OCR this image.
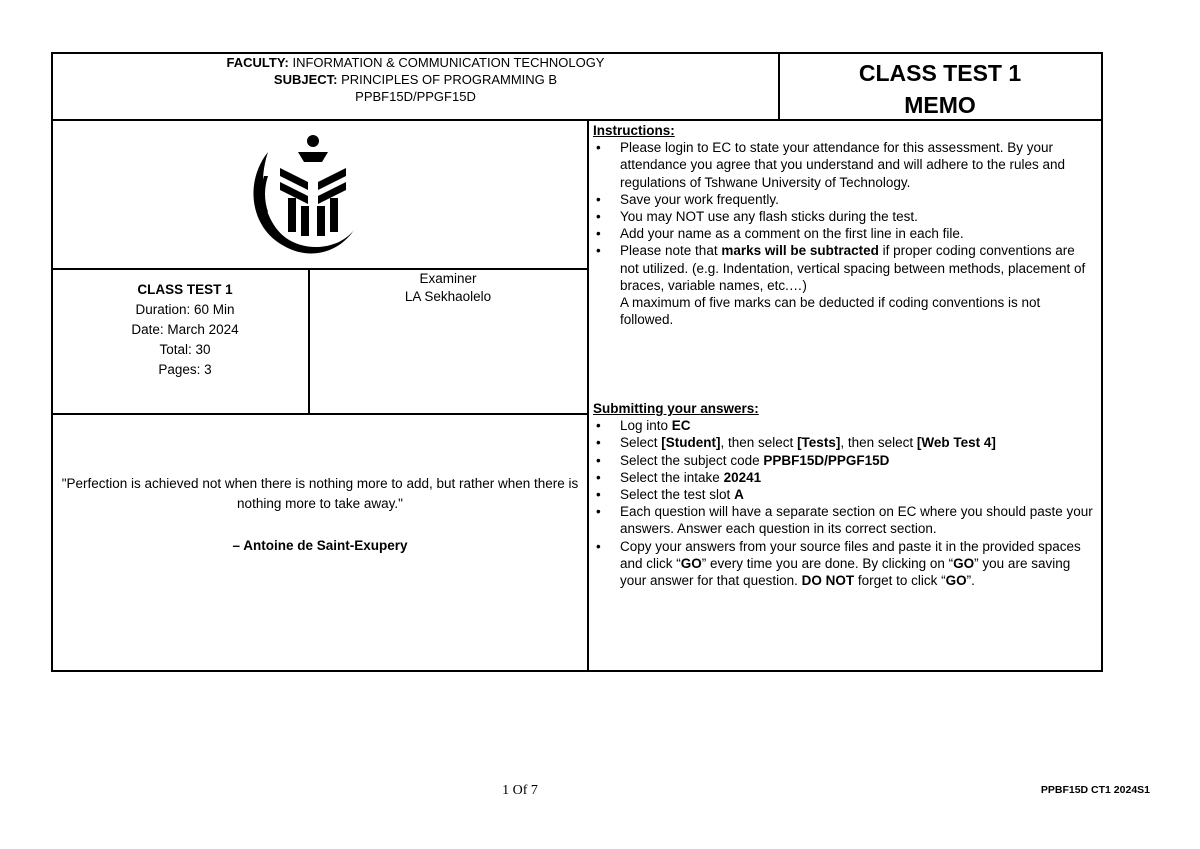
FACULTY: INFORMATION & COMMUNICATION TECHNOLOGY
SUBJECT: PRINCIPLES OF PROGRAMMING B
PPBF15D/PPGF15D
CLASS TEST 1
MEMO
CLASS TEST 1
Duration: 60 Min
Date: March 2024
Total: 30
Pages: 3
Examiner
LA Sekhaolelo
"Perfection is achieved not when there is nothing more to add, but rather when there is nothing more to take away."
– Antoine de Saint-Exupery

Instructions:

• Please login to EC to state your attendance for this assessment. By your attendance you agree that you understand and will adhere to the rules and regulations of Tshwane University of Technology.
• Save your work frequently.
• You may NOT use any flash sticks during the test.
• Add your name as a comment on the first line in each file.
• Please note that marks will be subtracted if proper coding conventions are not utilized. (e.g. Indentation, vertical spacing between methods, placement of braces, variable names, etc.…)
A maximum of five marks can be deducted if coding conventions is not followed.

Submitting your answers:

• Log into EC
• Select [Student], then select [Tests], then select [Web Test 4]
• Select the subject code PPBF15D/PPGF15D
• Select the intake 20241
• Select the test slot A
• Each question will have a separate section on EC where you should paste your answers. Answer each question in its correct section.
• Copy your answers from your source files and paste it in the provided spaces and click “GO” every time you are done. By clicking on “GO” you are saving your answer for that question. DO NOT forget to click “GO”.
1 Of 7	PPBF15D CT1 2024S1
